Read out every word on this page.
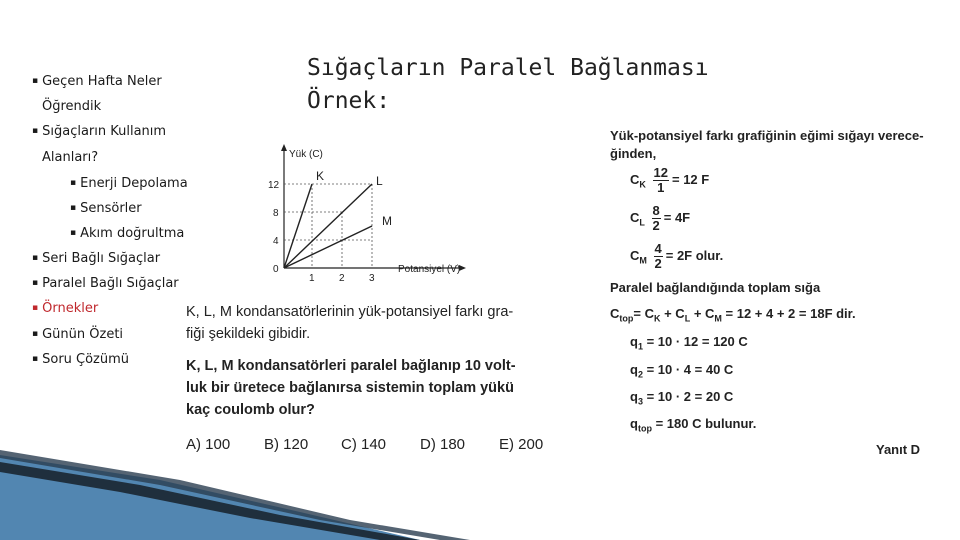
▪ Geçen Hafta Neler
Öğrendik
▪ Sığaçların Kullanım
Alanları?
▪ Enerji Depolama
▪ Sensörler
▪ Akım doğrultma
▪ Seri Bağlı Sığaçlar
▪ Paralel Bağlı Sığaçlar
▪ Örnekler
▪ Günün Özeti
▪ Soru Çözümü
Sığaçların Paralel Bağlanması
Örnek:
Yük (C)
12
8
4
0
1 2 3
Potansiyel (V)
K	L
M
K, L, M kondansatörlerinin yük-potansiyel farkı gra-
fiği şekildeki gibidir.
K, L, M kondansatörleri paralel bağlanıp 10 volt-
luk bir üretece bağlanırsa sistemin toplam yükü
kaç coulomb olur?
A) 100 B) 120 C) 140 D) 180 E) 200
Yük-potansiyel farkı grafiğinin eğimi sığayı verece-
ğinden,
$C_K \frac{12}{1} = 12$ F
$C_L \frac{8}{2} = 4F$
$C_M \frac{4}{2} = 2F$ olur.
Paralel bağlandığında toplam sığa
$C_{top}= C_K + C_L + C_M = 12 + 4 + 2 = 18F$ dir.
$q_1 = 10 \cdot 12 = 120$ C
$q_2 = 10 \cdot 4 = 40$ C
$q_3 = 10 \cdot 2 = 20$ C
$q_{top} = 180$ C bulunur.
Yanıt D
